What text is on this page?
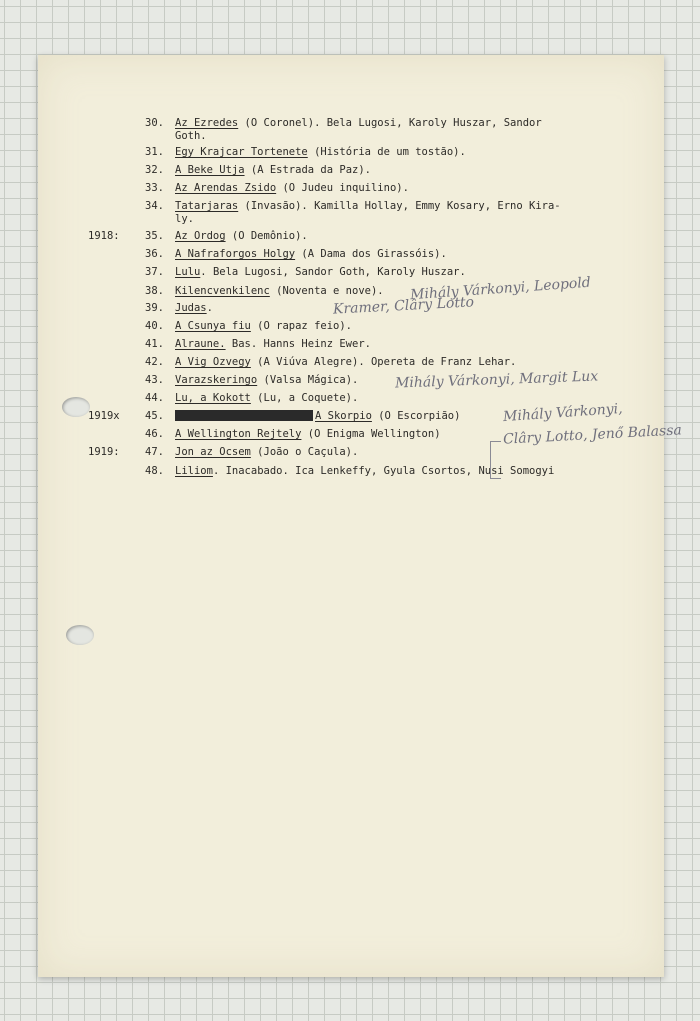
30.

Az Ezredes (O Coronel). Bela Lugosi, Karoly Huszar, Sandor

Goth.

31.

Egy Krajcar Tortenete (História de um tostão).

32.

A Beke Utja (A Estrada da Paz).

33.

Az Arendas Zsido (O Judeu inquilino).

34.

Tatarjaras (Invasão). Kamilla Hollay, Emmy Kosary, Erno Kira-

ly.

1918:

35.

Az Ordog (O Demônio).

36.

A Nafraforgos Holgy (A Dama dos Girassóis).

37.

Lulu. Bela Lugosi, Sandor Goth, Karoly Huszar.

38.

Kilencvenkilenc (Noventa e nove).

39.

Judas.

40.

A Csunya fiu (O rapaz feio).

41.

Alraune. Bas. Hanns Heinz Ewer.

42.

A Vig Ozvegy (A Viúva Alegre). Opereta de Franz Lehar.

43.

Varazskeringo (Valsa Mágica).

44.

Lu, a Kokott (Lu, a Coquete).

1919x

45.

	A Skorpio (O Escorpião)

46.

A Wellington Rejtely (O Enigma Wellington)

1919:

47.

Jon az Ocsem (João o Caçula).

48.

Liliom. Inacabado. Ica Lenkeffy, Gyula Csortos, Nusi Somogyi

Mihály Várkonyi, Leopold
Kramer, Clâry Lotto
Mihály Várkonyi, Margit Lux
Mihály Várkonyi,
Clâry Lotto, Jenő Balassa
